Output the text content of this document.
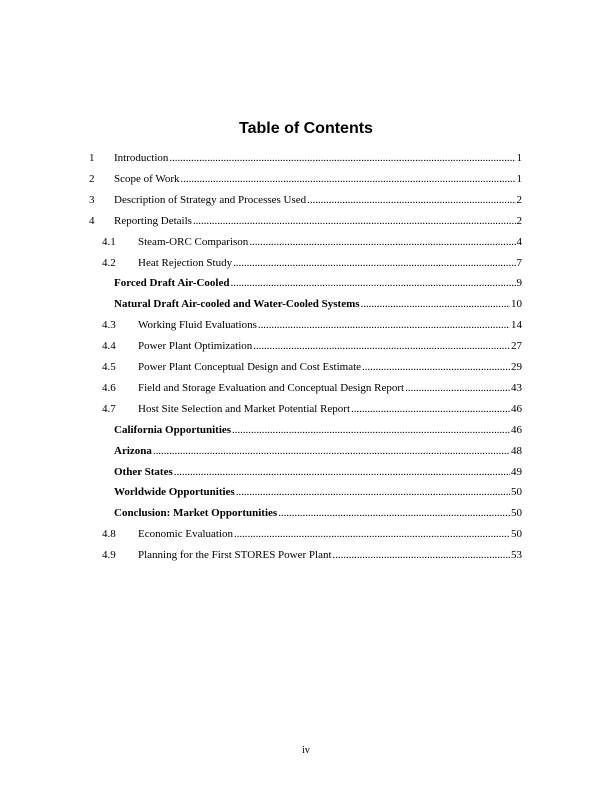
Table of Contents
1 Introduction . . .	1
2 Scope of Work . . .	1
3 Description of Strategy and Processes Used . . .	2
4 Reporting Details . . .	2
4.1 Steam-ORC Comparison . . .	4
4.2 Heat Rejection Study . . .	7
Forced Draft Air-Cooled . . .	9
Natural Draft Air-cooled and Water-Cooled Systems . . .	10
4.3 Working Fluid Evaluations . . .	14
4.4 Power Plant Optimization . . .	27
4.5 Power Plant Conceptual Design and Cost Estimate . . .	29
4.6 Field and Storage Evaluation and Conceptual Design Report . . .	43
4.7 Host Site Selection and Market Potential Report . . .	46
California Opportunities . . .	46
Arizona . . .	48
Other States . . .	49
Worldwide Opportunities . . .	50
Conclusion: Market Opportunities . . .	50
4.8 Economic Evaluation . . .	50
4.9 Planning for the First STORES Power Plant . . .	53
iv
